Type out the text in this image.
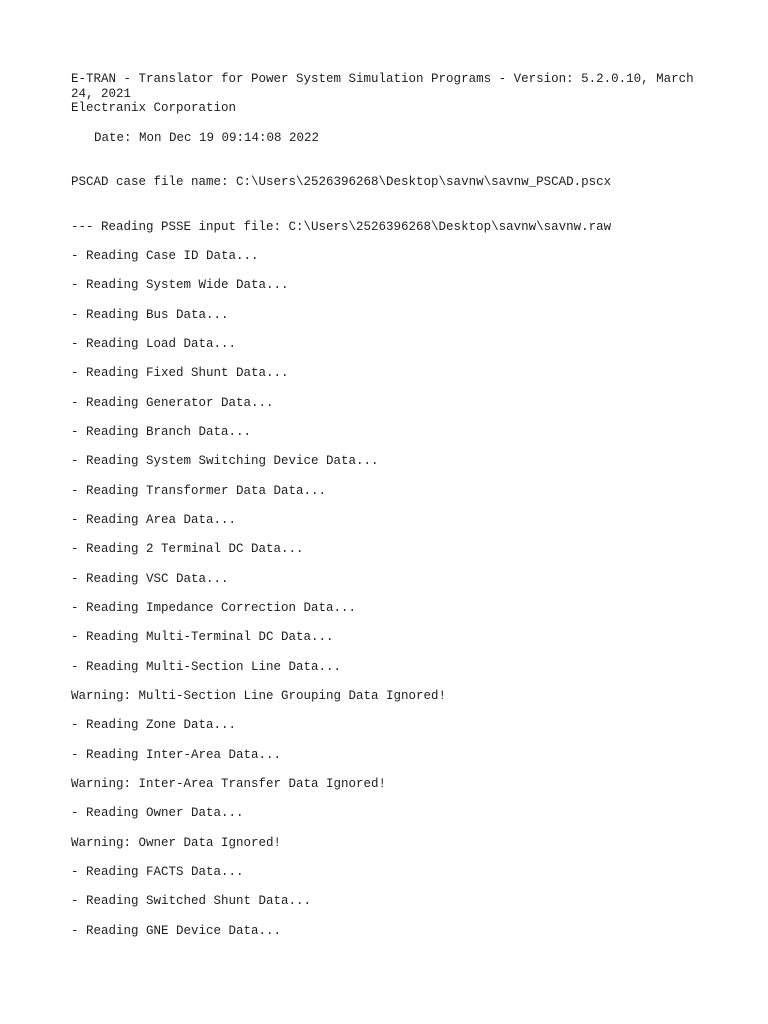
E-TRAN - Translator for Power System Simulation Programs - Version: 5.2.0.10, March 24, 2021
Electranix Corporation
Date: Mon Dec 19 09:14:08 2022
PSCAD case file name: C:\Users\2526396268\Desktop\savnw\savnw_PSCAD.pscx
--- Reading PSSE input file: C:\Users\2526396268\Desktop\savnw\savnw.raw
- Reading Case ID Data...
- Reading System Wide Data...
- Reading Bus Data...
- Reading Load Data...
- Reading Fixed Shunt Data...
- Reading Generator Data...
- Reading Branch Data...
- Reading System Switching Device Data...
- Reading Transformer Data Data...
- Reading Area Data...
- Reading 2 Terminal DC Data...
- Reading VSC Data...
- Reading Impedance Correction Data...
- Reading Multi-Terminal DC Data...
- Reading Multi-Section Line Data...
Warning: Multi-Section Line Grouping Data Ignored!
- Reading Zone Data...
- Reading Inter-Area Data...
Warning: Inter-Area Transfer Data Ignored!
- Reading Owner Data...
Warning: Owner Data Ignored!
- Reading FACTS Data...
- Reading Switched Shunt Data...
- Reading GNE Device Data...
